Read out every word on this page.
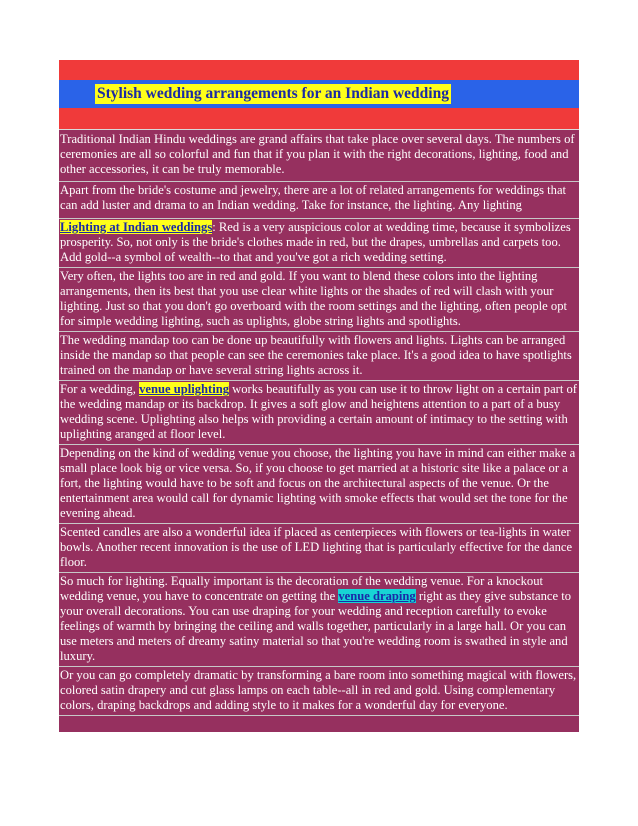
Stylish wedding arrangements for an Indian wedding
Traditional Indian Hindu weddings are grand affairs that take place over several days. The numbers of ceremonies are all so colorful and fun that if you plan it with the right decorations, lighting, food and other accessories, it can be truly memorable.
Apart from the bride's costume and jewelry, there are a lot of related arrangements for weddings that can add luster and drama to an Indian wedding. Take for instance, the lighting. Any lighting
Lighting at Indian weddings: Red is a very auspicious color at wedding time, because it symbolizes prosperity. So, not only is the bride's clothes made in red, but the drapes, umbrellas and carpets too. Add gold--a symbol of wealth--to that and you've got a rich wedding setting.
Very often, the lights too are in red and gold. If you want to blend these colors into the lighting arrangements, then its best that you use clear white lights or the shades of red will clash with your lighting. Just so that you don't go overboard with the room settings and the lighting, often people opt for simple wedding lighting, such as uplights, globe string lights and spotlights.
The wedding mandap too can be done up beautifully with flowers and lights. Lights can be arranged inside the mandap so that people can see the ceremonies take place. It's a good idea to have spotlights trained on the mandap or have several string lights across it.
For a wedding, venue uplighting works beautifully as you can use it to throw light on a certain part of the wedding mandap or its backdrop. It gives a soft glow and heightens attention to a part of a busy wedding scene. Uplighting also helps with providing a certain amount of intimacy to the setting with uplighting aranged at floor level.
Depending on the kind of wedding venue you choose, the lighting you have in mind can either make a small place look big or vice versa. So, if you choose to get married at a historic site like a palace or a fort, the lighting would have to be soft and focus on the architectural aspects of the venue. Or the entertainment area would call for dynamic lighting with smoke effects that would set the tone for the evening ahead.
Scented candles are also a wonderful idea if placed as centerpieces with flowers or tea-lights in water bowls. Another recent innovation is the use of LED lighting that is particularly effective for the dance floor.
So much for lighting. Equally important is the decoration of the wedding venue. For a knockout wedding venue, you have to concentrate on getting the venue draping right as they give substance to your overall decorations. You can use draping for your wedding and reception carefully to evoke feelings of warmth by bringing the ceiling and walls together, particularly in a large hall. Or you can use meters and meters of dreamy satiny material so that you're wedding room is swathed in style and luxury.
Or you can go completely dramatic by transforming a bare room into something magical with flowers, colored satin drapery and cut glass lamps on each table--all in red and gold. Using complementary colors, draping backdrops and adding style to it makes for a wonderful day for everyone.
